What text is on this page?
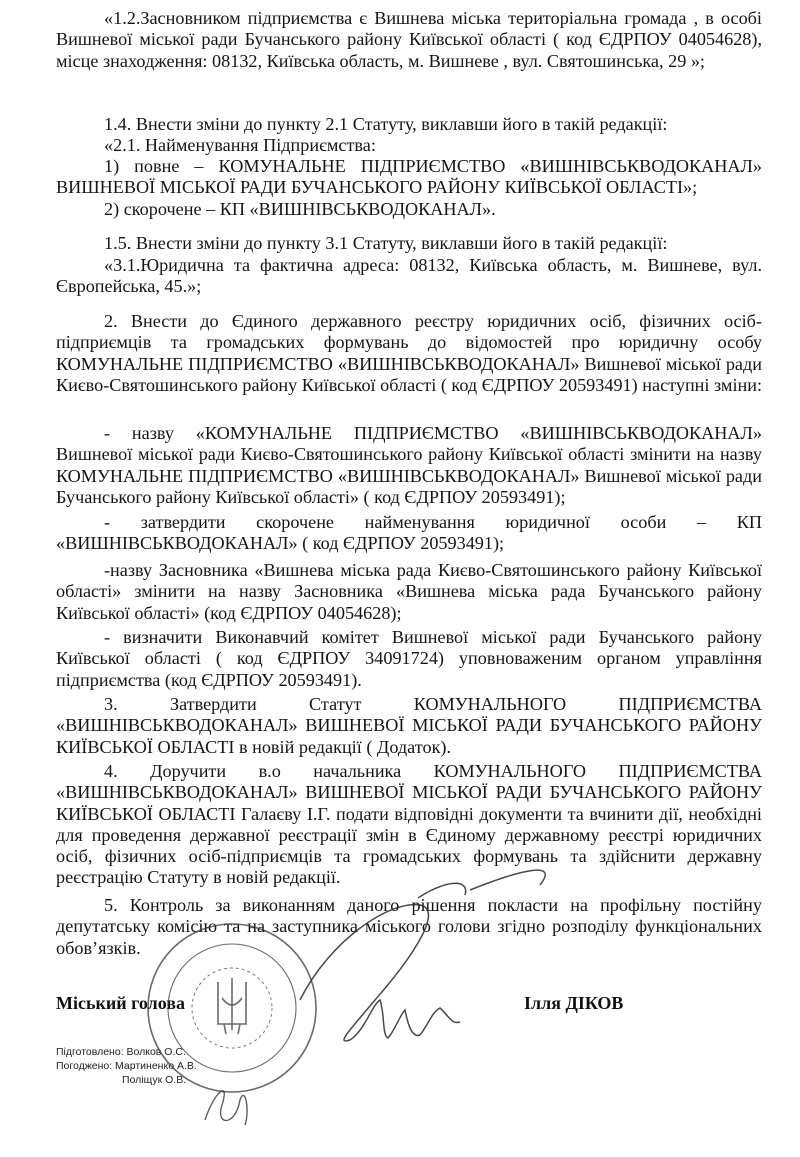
«1.2.Засновником підприємства є Вишнева міська територіальна громада , в особі Вишневої міської ради Бучанського району Київської області ( код ЄДРПОУ 04054628), місце знаходження: 08132, Київська область, м. Вишневе , вул. Святошинська, 29 »;

1.4. Внести зміни до пункту 2.1 Статуту, виклавши його в такій редакції:

«2.1. Найменування Підприємства:

1) повне – КОМУНАЛЬНЕ ПІДПРИЄМСТВО «ВИШНІВСЬКВОДОКАНАЛ» ВИШНЕВОЇ МІСЬКОЇ РАДИ БУЧАНСЬКОГО РАЙОНУ КИЇВСЬКОЇ ОБЛАСТІ»;

2) скорочене – КП «ВИШНІВСЬКВОДОКАНАЛ».

1.5. Внести зміни до пункту 3.1 Статуту, виклавши його в такій редакції:

«3.1.Юридична та фактична адреса: 08132, Київська область, м. Вишневе, вул. Європейська, 45.»;

2. Внести до Єдиного державного реєстру юридичних осіб, фізичних осіб-підприємців та громадських формувань до відомостей про юридичну особу КОМУНАЛЬНЕ ПІДПРИЄМСТВО «ВИШНІВСЬКВОДОКАНАЛ» Вишневої міської ради Києво-Святошинського району Київської області ( код ЄДРПОУ 20593491) наступні зміни:

- назву «КОМУНАЛЬНЕ ПІДПРИЄМСТВО «ВИШНІВСЬКВОДОКАНАЛ» Вишневої міської ради Києво-Святошинського району Київської області змінити на назву КОМУНАЛЬНЕ ПІДПРИЄМСТВО «ВИШНІВСЬКВОДОКАНАЛ» Вишневої міської ради Бучанського району Київської області» ( код ЄДРПОУ 20593491);

- затвердити скорочене найменування юридичної особи – КП «ВИШНІВСЬКВОДОКАНАЛ» ( код ЄДРПОУ 20593491);

-назву Засновника «Вишнева міська рада Києво-Святошинського району Київської області» змінити на назву Засновника «Вишнева міська рада Бучанського району Київської області» (код ЄДРПОУ 04054628);

- визначити Виконавчий комітет Вишневої міської ради Бучанського району Київської області ( код ЄДРПОУ 34091724) уповноваженим органом управління підприємства (код ЄДРПОУ 20593491).

3. Затвердити Статут КОМУНАЛЬНОГО ПІДПРИЄМСТВА «ВИШНІВСЬКВОДОКАНАЛ» ВИШНЕВОЇ МІСЬКОЇ РАДИ БУЧАНСЬКОГО РАЙОНУ КИЇВСЬКОЇ ОБЛАСТІ в новій редакції ( Додаток).

4. Доручити в.о начальника КОМУНАЛЬНОГО ПІДПРИЄМСТВА «ВИШНІВСЬКВОДОКАНАЛ» ВИШНЕВОЇ МІСЬКОЇ РАДИ БУЧАНСЬКОГО РАЙОНУ КИЇВСЬКОЇ ОБЛАСТІ Галаєву І.Г. подати відповідні документи та вчинити дії, необхідні для проведення державної реєстрації змін в Єдиному державному реєстрі юридичних осіб, фізичних осіб-підприємців та громадських формувань та здійснити державну реєстрацію Статуту в новій редакції.

5. Контроль за виконанням даного рішення покласти на профільну постійну депутатську комісію та на заступника міського голови згідно розподілу функціональних обов’язків.

Міський голова	Ілля ДІКОВ
Підготовлено: Волков О.С.
Погоджено: Мартиненко А.В.
Поліщук О.В.
